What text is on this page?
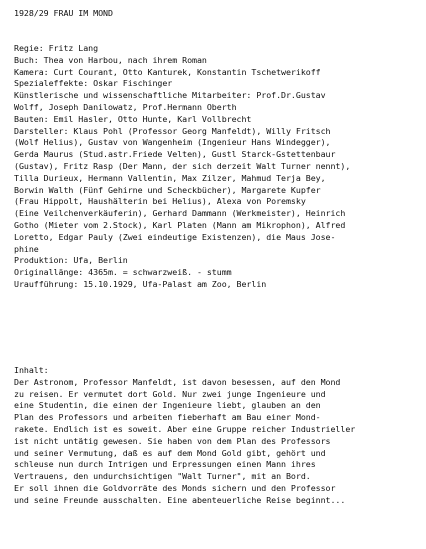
1928/29 FRAU IM MOND
Regie: Fritz Lang
Buch: Thea von Harbou, nach ihrem Roman
Kamera: Curt Courant, Otto Kanturek, Konstantin Tschetwerikoff
Spezialeffekte: Oskar Fischinger
Künstlerische und wissenschaftliche Mitarbeiter: Prof.Dr.Gustav
Wolff, Joseph Danilowatz, Prof.Hermann Oberth
Bauten: Emil Hasler, Otto Hunte, Karl Vollbrecht
Darsteller: Klaus Pohl (Professor Georg Manfeldt), Willy Fritsch
(Wolf Helius), Gustav von Wangenheim (Ingenieur Hans Windegger),
Gerda Maurus (Stud.astr.Friede Velten), Gustl Starck-Gstettenbaur
(Gustav), Fritz Rasp (Der Mann, der sich derzeit Walt Turner nennt),
Tilla Durieux, Hermann Vallentin, Max Zilzer, Mahmud Terja Bey,
Borwin Walth (Fünf Gehirne und Scheckbücher), Margarete Kupfer
(Frau Hippolt, Haushälterin bei Helius), Alexa von Poremsky
(Eine Veilchenverkäuferin), Gerhard Dammann (Werkmeister), Heinrich
Gotho (Mieter vom 2.Stock), Karl Platen (Mann am Mikrophon), Alfred
Loretto, Edgar Pauly (Zwei eindeutige Existenzen), die Maus Jose-
phine
Produktion: Ufa, Berlin
Originallänge: 4365m. = schwarzweiß. - stumm
Uraufführung: 15.10.1929, Ufa-Palast am Zoo, Berlin
Inhalt:
Der Astronom, Professor Manfeldt, ist davon besessen, auf den Mond
zu reisen. Er vermutet dort Gold. Nur zwei junge Ingenieure und
eine Studentin, die einen der Ingenieure liebt, glauben an den
Plan des Professors und arbeiten fieberhaft am Bau einer Mond-
rakete. Endlich ist es soweit. Aber eine Gruppe reicher Industrieller
ist nicht untätig gewesen. Sie haben von dem Plan des Professors
und seiner Vermutung, daß es auf dem Mond Gold gibt, gehört und
schleuse nun durch Intrigen und Erpressungen einen Mann ihres
Vertrauens, den undurchsichtigen "Walt Turner", mit an Bord.
Er soll ihnen die Goldvorräte des Monds sichern und den Professor
und seine Freunde ausschalten. Eine abenteuerliche Reise beginnt...
